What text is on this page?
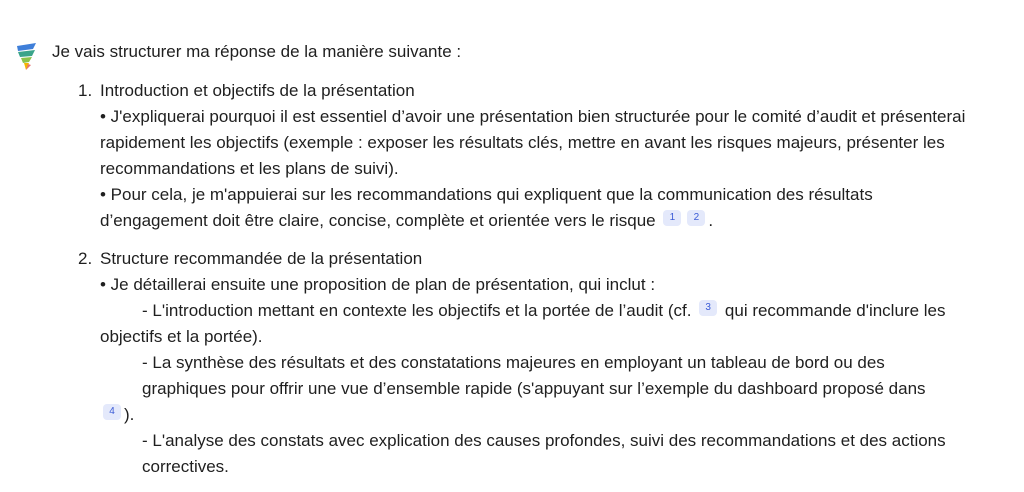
Je vais structurer ma réponse de la manière suivante :
1. Introduction et objectifs de la présentation
• J'expliquerai pourquoi il est essentiel d’avoir une présentation bien structurée pour le comité d’audit et présenterai rapidement les objectifs (exemple : exposer les résultats clés, mettre en avant les risques majeurs, présenter les recommandations et les plans de suivi).
• Pour cela, je m'appuierai sur les recommandations qui expliquent que la communication des résultats d’engagement doit être claire, concise, complète et orientée vers le risque 1 2 .
2. Structure recommandée de la présentation
• Je détaillerai ensuite une proposition de plan de présentation, qui inclut :
- L'introduction mettant en contexte les objectifs et la portée de l’audit (cf. 3 qui recommande d'inclure les objectifs et la portée).
- La synthèse des résultats et des constatations majeures en employant un tableau de bord ou des graphiques pour offrir une vue d’ensemble rapide (s'appuyant sur l’exemple du dashboard proposé dans 4 ).
- L'analyse des constats avec explication des causes profondes, suivi des recommandations et des actions correctives.
